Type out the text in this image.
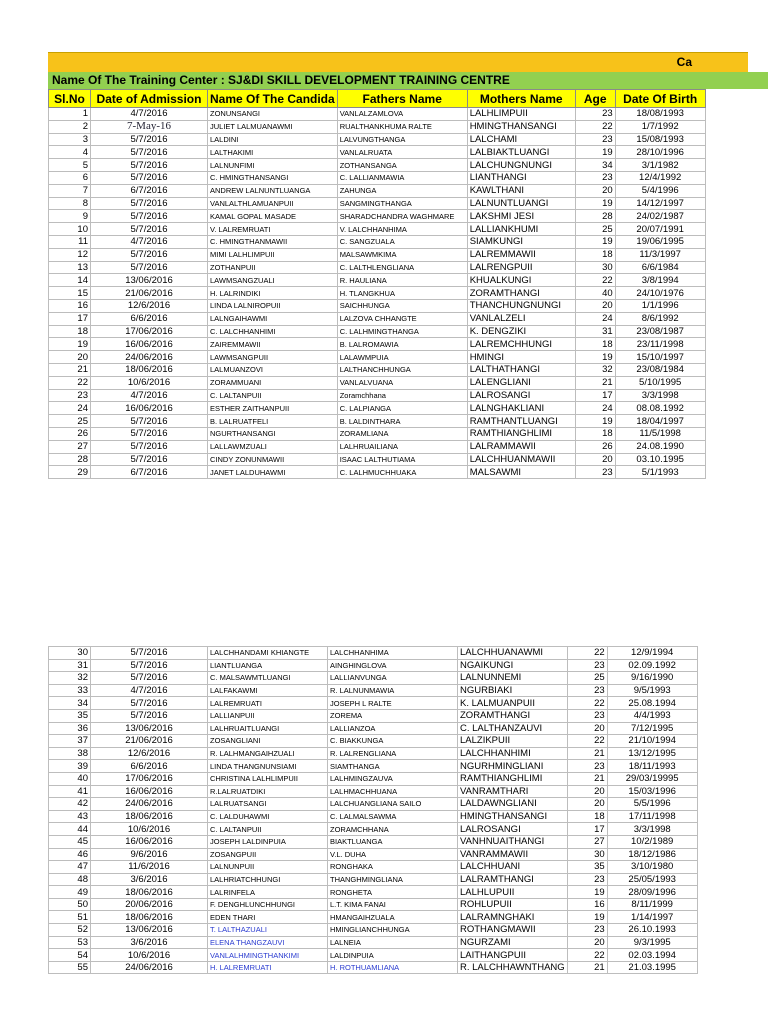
Ca
Name Of The Training Center : SJ&DI SKILL DEVELOPMENT TRAINING CENTRE
Sl.No	Date of Admission	Name Of The Candida	Fathers Name	Mothers Name	Age	Date Of Birth
1	4/7/2016	ZONUNSANGI	VANLALZAMLOVA	LALHLIMPUII	23	18/08/1993
2	7-May-16	JULIET LALMUANAWMI	RUALTHANKHUMA RALTE	HMINGTHANSANGI	22	1/7/1992
3	5/7/2016	LALDINI	LALVUNGTHANGA	LALCHAMI	23	15/08/1993
4	5/7/2016	LALTHAKIMI	VANLALRUATA	LALBIAKTLUANGI	19	28/10/1996
5	5/7/2016	LALNUNFIMI	ZOTHANSANGA	LALCHUNGNUNGI	34	3/1/1982
6	5/7/2016	C. HMINGTHANSANGI	C. LALLIANMAWIA	LIANTHANGI	23	12/4/1992
7	6/7/2016	ANDREW LALNUNTLUANGA	ZAHUNGA	KAWLTHANI	20	5/4/1996
8	5/7/2016	VANLALTHLAMUANPUII	SANGMINGTHANGA	LALNUNTLUANGI	19	14/12/1997
9	5/7/2016	KAMAL GOPAL MASADE	SHARADCHANDRA WAGHMARE	LAKSHMI JESI	28	24/02/1987
10	5/7/2016	V. LALREMRUATI	V. LALCHHANHIMA	LALLIANKHUMI	25	20/07/1991
11	4/7/2016	C. HMINGTHANMAWII	C. SANGZUALA	SIAMKUNGI	19	19/06/1995
12	5/7/2016	MIMI LALHLIMPUII	MALSAWMKIMA	LALREMMAWII	18	11/3/1997
13	5/7/2016	ZOTHANPUII	C. LALTHLENGLIANA	LALRENGPUII	30	6/6/1984
14	13/06/2016	LAWMSANGZUALI	R. HAULIANA	KHUALKUNGI	22	3/8/1994
15	21/06/2016	H. LALRINDIKI	H. TLANGKHUA	ZORAMTHANGI	40	24/10/1976
16	12/6/2016	LINDA LALNIROPUII	SAICHHUNGA	THANCHUNGNUNGI	20	1/1/1996
17	6/6/2016	LALNGAIHAWMI	LALZOVA CHHANGTE	VANLALZELI	24	8/6/1992
18	17/06/2016	C. LALCHHANHIMI	C. LALHMINGTHANGA	K. DENGZIKI	31	23/08/1987
19	16/06/2016	ZAIREMMAWII	B. LALROMAWIA	LALREMCHHUNGI	18	23/11/1998
20	24/06/2016	LAWMSANGPUII	LALAWMPUIA	HMINGI	19	15/10/1997
21	18/06/2016	LALMUANZOVI	LALTHANCHHUNGA	LALTHATHANGI	32	23/08/1984
22	10/6/2016	ZORAMMUANI	VANLALVUANA	LALENGLIANI	21	5/10/1995
23	4/7/2016	C. LALTANPUII	Zoramchhana	LALROSANGI	17	3/3/1998
24	16/06/2016	ESTHER ZAITHANPUII	C. LALPIANGA	LALNGHAKLIANI	24	08.08.1992
25	5/7/2016	B. LALRUATFELI	B. LALDINTHARA	RAMTHANTLUANGI	19	18/04/1997
26	5/7/2016	NGURTHANSANGI	ZORAMLIANA	RAMTHIANGHLIMI	18	11/5/1998
27	5/7/2016	LALLAWMZUALI	LALHRUAILIANA	LALRAMMAWII	26	24.08.1990
28	5/7/2016	CINDY ZONUNMAWII	ISAAC LALTHUTIAMA	LALCHHUANMAWII	20	03.10.1995
29	6/7/2016	JANET LALDUHAWMI	C. LALHMUCHHUAKA	MALSAWMI	23	5/1/1993
30	5/7/2016	LALCHHANDAMI KHIANGTE	LALCHHANHIMA	LALCHHUANAWMI	22	12/9/1994
31	5/7/2016	LIANTLUANGA	AINGHINGLOVA	NGAIKUNGI	23	02.09.1992
32	5/7/2016	C. MALSAWMTLUANGI	LALLIANVUNGA	LALNUNNEMI	25	9/16/1990
33	4/7/2016	LALFAKAWMI	R. LALNUNMAWIA	NGURBIAKI	23	9/5/1993
34	5/7/2016	LALREMRUATI	JOSEPH L RALTE	K. LALMUANPUII	22	25.08.1994
35	5/7/2016	LALLIANPUII	ZOREMA	ZORAMTHANGI	23	4/4/1993
36	13/06/2016	LALHRUAITLUANGI	LALLIANZOA	C. LALTHANZAUVI	20	7/12/1995
37	21/06/2016	ZOSANGLIANI	C. BIAKKUNGA	LALZIKPUII	22	21/10/1994
38	12/6/2016	R. LALHMANGAIHZUALI	R. LALRENGLIANA	LALCHHANHIMI	21	13/12/1995
39	6/6/2016	LINDA THANGNUNSIAMI	SIAMTHANGA	NGURHMINGLIANI	23	18/11/1993
40	17/06/2016	CHRISTINA LALHLIMPUII	LALHMINGZAUVA	RAMTHIANGHLIMI	21	29/03/19995
41	16/06/2016	R.LALRUATDIKI	LALHMACHHUANA	VANRAMTHARI	20	15/03/1996
42	24/06/2016	LALRUATSANGI	LALCHUANGLIANA SAILO	LALDAWNGLIANI	20	5/5/1996
43	18/06/2016	C. LALDUHAWMI	C. LALMALSAWMA	HMINGTHANSANGI	18	17/11/1998
44	10/6/2016	C. LALTANPUII	ZORAMCHHANA	LALROSANGI	17	3/3/1998
45	16/06/2016	JOSEPH LALDINPUIA	BIAKTLUANGA	VANHNUAITHANGI	27	10/2/1989
46	9/6/2016	ZOSANGPUII	V.L. DUHA	VANRAMMAWII	30	18/12/1986
47	11/6/2016	LALNUNPUII	RONGHAKA	LALCHHUANI	35	3/10/1980
48	3/6/2016	LALHRIATCHHUNGI	THANGHMINGLIANA	LALRAMTHANGI	23	25/05/1993
49	18/06/2016	LALRINFELA	RONGHETA	LALHLUPUII	19	28/09/1996
50	20/06/2016	F. DENGHLUNCHHUNGI	L.T. KIMA FANAI	ROHLUPUII	16	8/11/1999
51	18/06/2016	EDEN THARI	HMANGAIHZUALA	LALRAMNGHAKI	19	1/14/1997
52	13/06/2016	T. LALTHAZUALI	HMINGLIANCHHUNGA	ROTHANGMAWII	23	26.10.1993
53	3/6/2016	ELENA THANGZAUVI	LALNEIA	NGURZAMI	20	9/3/1995
54	10/6/2016	VANLALHMINGTHANKIMI	LALDINPUIA	LAITHANGPUII	22	02.03.1994
55	24/06/2016	H. LALREMRUATI	H. ROTHUAMLIANA	R. LALCHHAWNTHANG	21	21.03.1995
